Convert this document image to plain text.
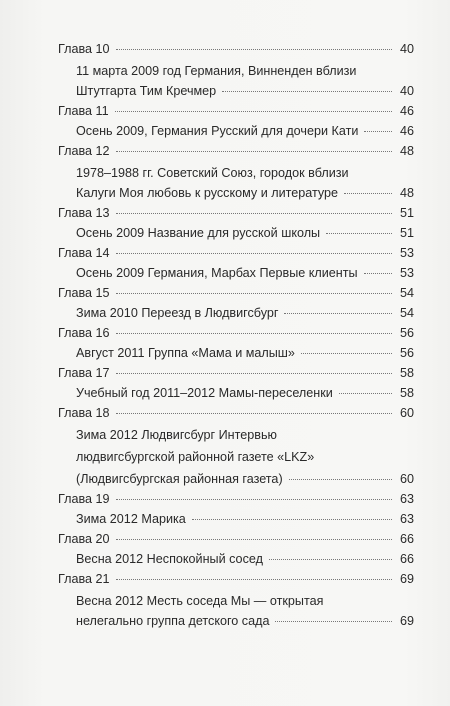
Глава 10	40
11 марта 2009 год Германия, Винненден вблизи
Штутгарта Тим Кречмер	40
Глава 11	46
Осень 2009, Германия Русский для дочери Кати	46
Глава 12	48
1978–1988 гг. Советский Союз, городок вблизи
Калуги Моя любовь к русскому и литературе	48
Глава 13	51
Осень 2009 Название для русской школы	51
Глава 14	53
Осень 2009 Германия, Марбах Первые клиенты	53
Глава 15	54
Зима 2010 Переезд в Людвигсбург	54
Глава 16	56
Август 2011 Группа «Мама и малыш»	56
Глава 17	58
Учебный год 2011–2012 Мамы-переселенки	58
Глава 18	60
Зима 2012 Людвигсбург Интервью
людвигсбургской районной газете «LKZ»
(Людвигсбургская районная газета)	60
Глава 19	63
Зима 2012 Марика	63
Глава 20	66
Весна 2012 Неспокойный сосед	66
Глава 21	69
Весна 2012 Месть соседа Мы — открытая
нелегально группа детского сада	69
